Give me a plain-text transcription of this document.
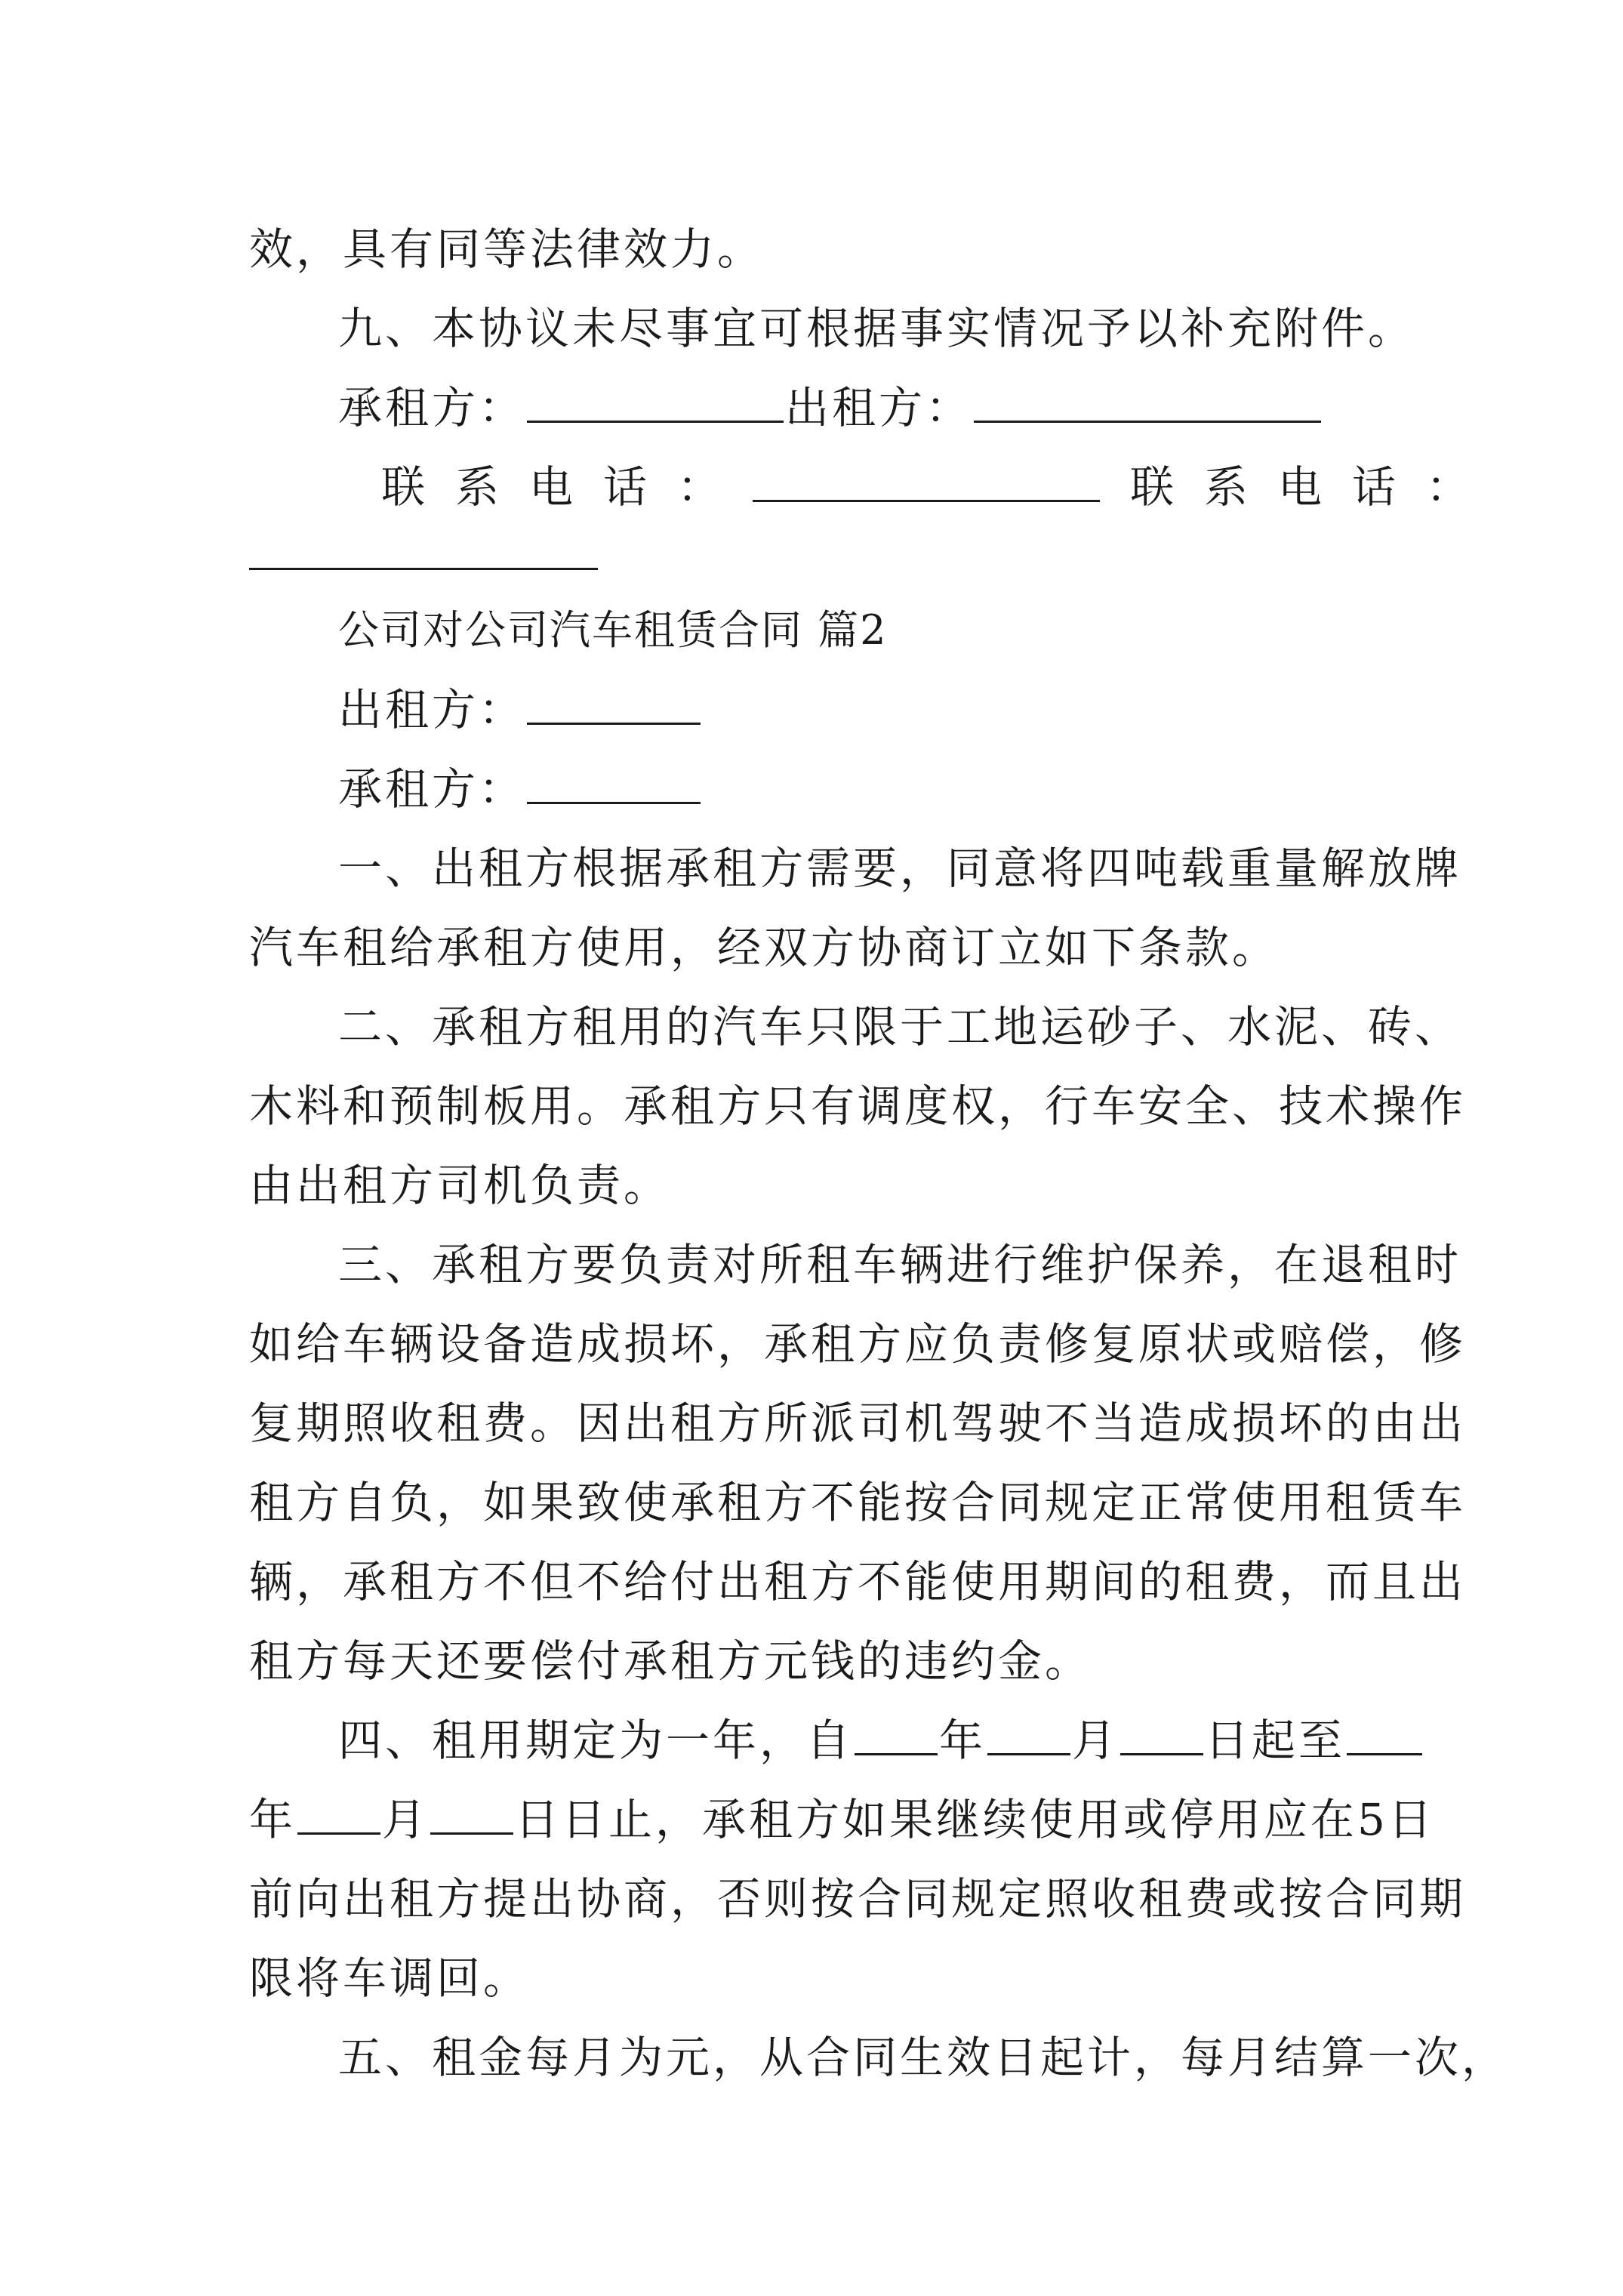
效，具有同等法律效力。
九、本协议未尽事宜可根据事实情况予以补充附件。
承租方：	出租方：
联系电话：	联系电话：
公司对公司汽车租赁合同 篇2
出租方：
承租方：
一、出租方根据承租方需要，同意将四吨载重量解放牌
汽车租给承租方使用，经双方协商订立如下条款。
二、承租方租用的汽车只限于工地运砂子、水泥、砖、
木料和预制板用。承租方只有调度权，行车安全、技术操作
由出租方司机负责。
三、承租方要负责对所租车辆进行维护保养，在退租时
如给车辆设备造成损坏，承租方应负责修复原状或赔偿，修
复期照收租费。因出租方所派司机驾驶不当造成损坏的由出
租方自负，如果致使承租方不能按合同规定正常使用租赁车
辆，承租方不但不给付出租方不能使用期间的租费，而且出
租方每天还要偿付承租方元钱的违约金。
四、租用期定为一年，自 年 月 日起至
年 月 日日止，承租方如果继续使用或停用应在5日
前向出租方提出协商，否则按合同规定照收租费或按合同期
限将车调回。
五、租金每月为元，从合同生效日起计，每月结算一次，
